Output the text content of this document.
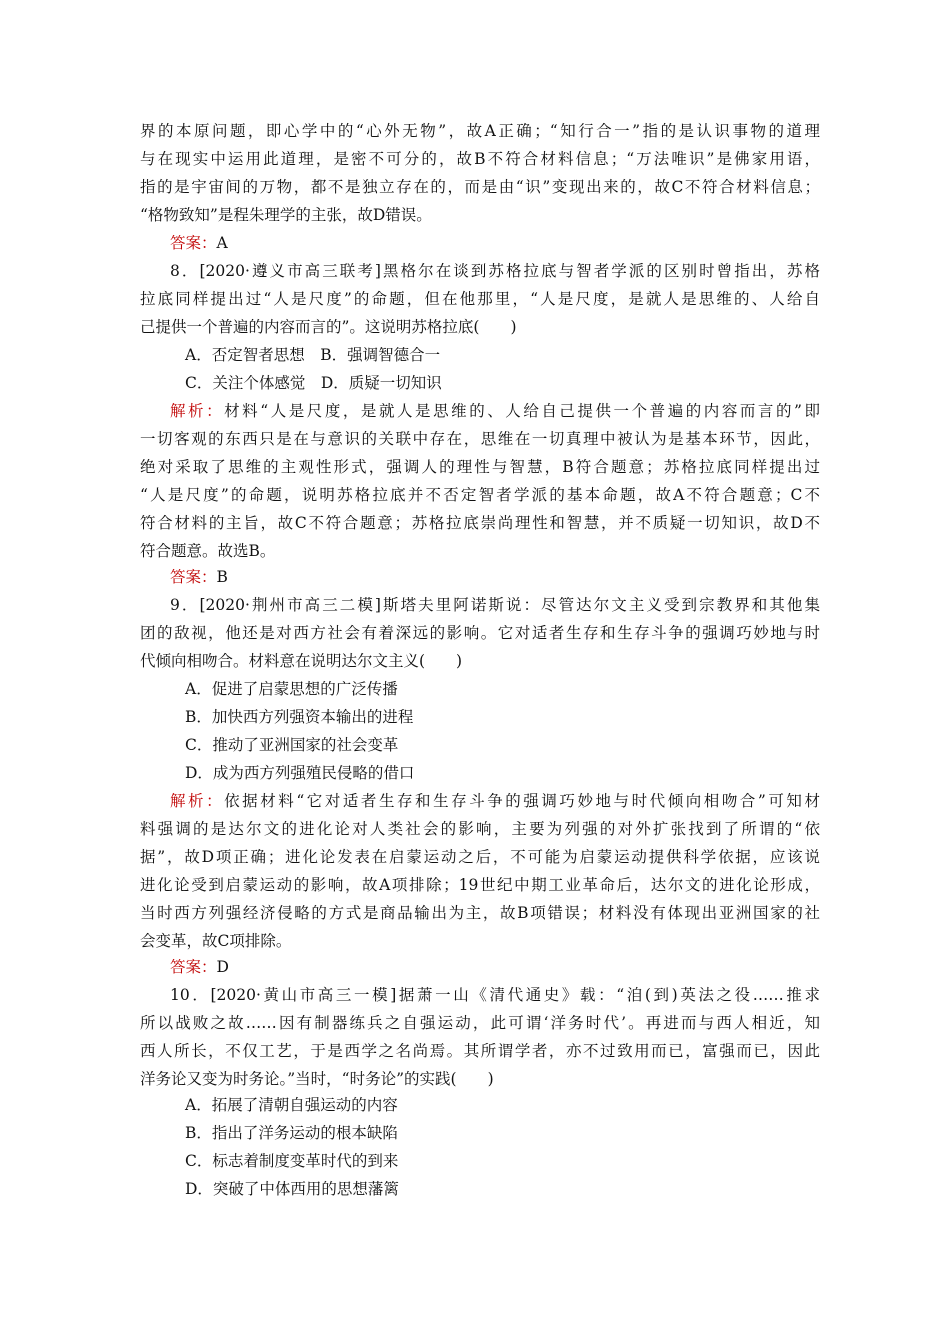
界的本原问题，即心学中的“心外无物”，故A正确；“知行合一”指的是认识事物的道理
与在现实中运用此道理，是密不可分的，故B不符合材料信息；“万法唯识”是佛家用语，
指的是宇宙间的万物，都不是独立存在的，而是由“识”变现出来的，故C不符合材料信息；
“格物致知”是程朱理学的主张，故D错误。
答案：A
8．[2020·遵义市高三联考]黑格尔在谈到苏格拉底与智者学派的区别时曾指出，苏格
拉底同样提出过“人是尺度”的命题，但在他那里，“人是尺度，是就人是思维的、人给自
己提供一个普遍的内容而言的”。这说明苏格拉底(　　)
A．否定智者思想　B．强调智德合一
C．关注个体感觉　D．质疑一切知识
解析：材料“人是尺度，是就人是思维的、人给自己提供一个普遍的内容而言的”即
一切客观的东西只是在与意识的关联中存在，思维在一切真理中被认为是基本环节，因此，
绝对采取了思维的主观性形式，强调人的理性与智慧，B符合题意；苏格拉底同样提出过
“人是尺度”的命题，说明苏格拉底并不否定智者学派的基本命题，故A不符合题意；C不
符合材料的主旨，故C不符合题意；苏格拉底崇尚理性和智慧，并不质疑一切知识，故D不
符合题意。故选B。
答案：B
9．[2020·荆州市高三二模]斯塔夫里阿诺斯说：尽管达尔文主义受到宗教界和其他集
团的敌视，他还是对西方社会有着深远的影响。它对适者生存和生存斗争的强调巧妙地与时
代倾向相吻合。材料意在说明达尔文主义(　　)
A．促进了启蒙思想的广泛传播
B．加快西方列强资本输出的进程
C．推动了亚洲国家的社会变革
D．成为西方列强殖民侵略的借口
解析：依据材料“它对适者生存和生存斗争的强调巧妙地与时代倾向相吻合”可知材
料强调的是达尔文的进化论对人类社会的影响，主要为列强的对外扩张找到了所谓的“依
据”，故D项正确；进化论发表在启蒙运动之后，不可能为启蒙运动提供科学依据，应该说
进化论受到启蒙运动的影响，故A项排除；19世纪中期工业革命后，达尔文的进化论形成，
当时西方列强经济侵略的方式是商品输出为主，故B项错误；材料没有体现出亚洲国家的社
会变革，故C项排除。
答案：D
10．[2020·黄山市高三一模]据萧一山《清代通史》载：“洎(到)英法之役……推求
所以战败之故……因有制器练兵之自强运动，此可谓‘洋务时代’。再进而与西人相近，知
西人所长，不仅工艺，于是西学之名尚焉。其所谓学者，亦不过致用而已，富强而已，因此
洋务论又变为时务论。”当时，“时务论”的实践(　　)
A．拓展了清朝自强运动的内容
B．指出了洋务运动的根本缺陷
C．标志着制度变革时代的到来
D．突破了中体西用的思想藩篱
